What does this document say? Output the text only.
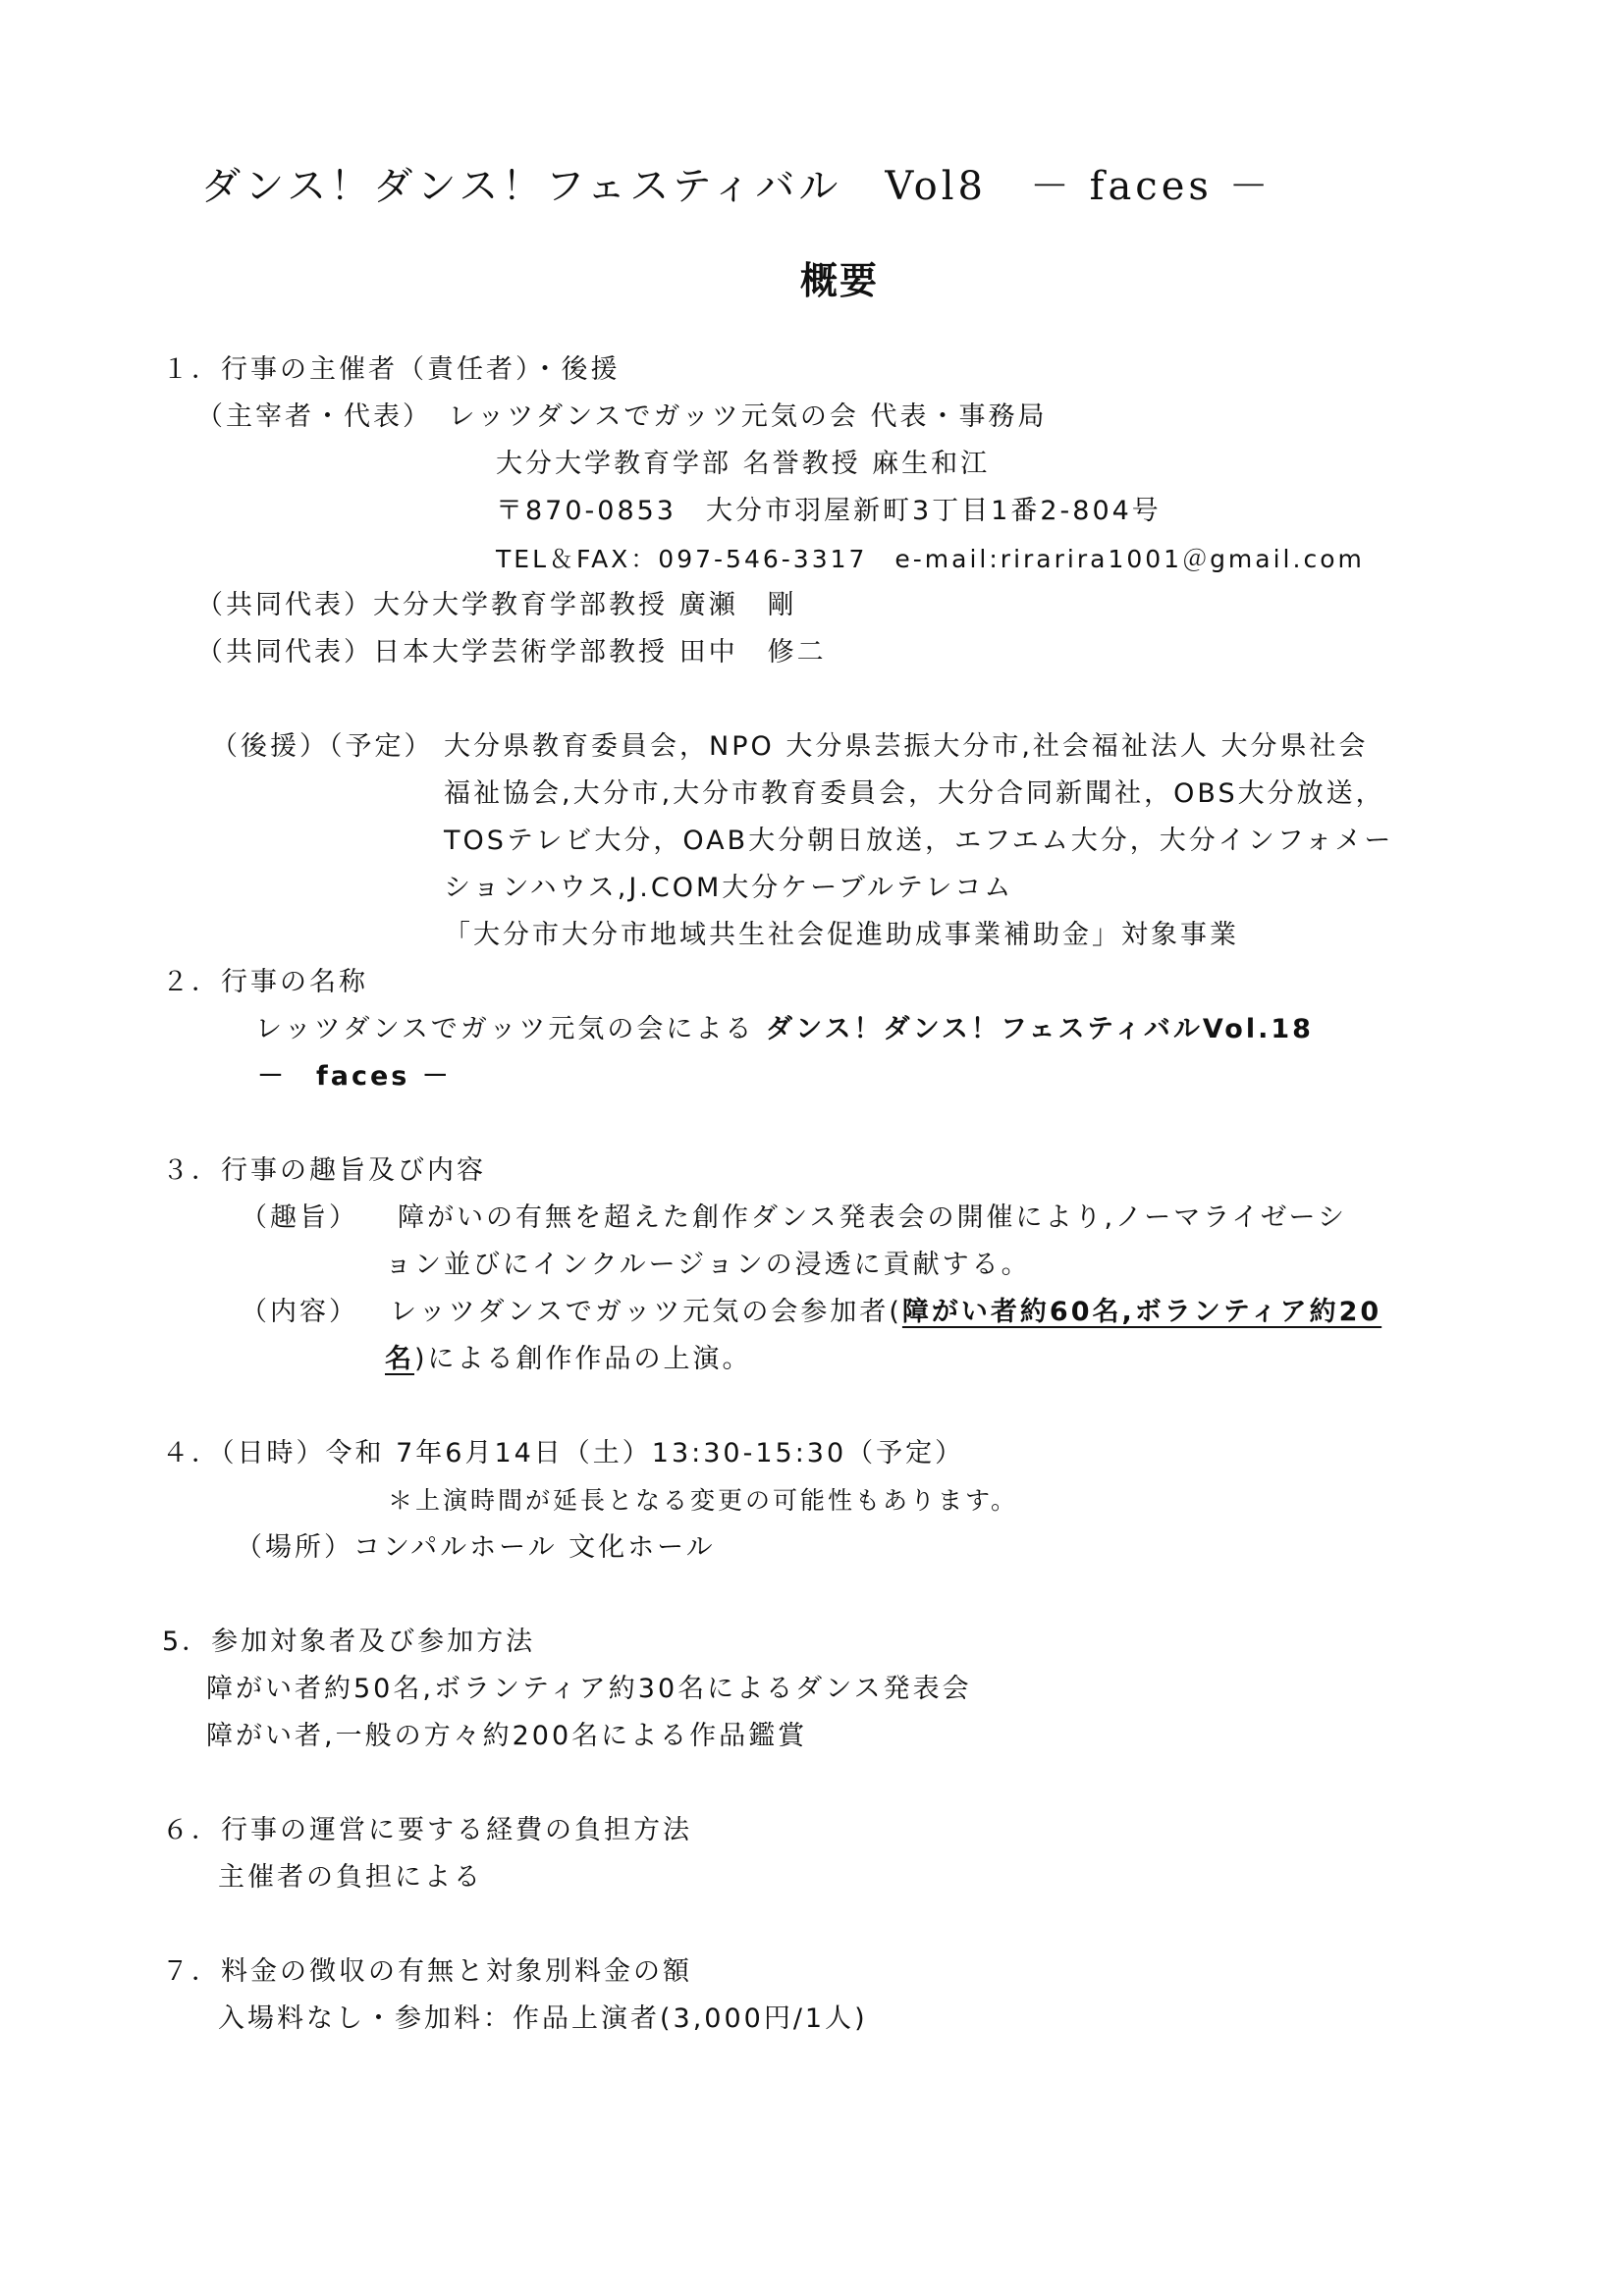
ダンス！ダンス！フェスティバル　Vol8　－ faces －
概要
１．行事の主催者（責任者）・後援
（主宰者・代表）　レッツダンスでガッツ元気の会 代表・事務局
大分大学教育学部 名誉教授 麻生和江
〒870-0853　大分市羽屋新町3丁目1番2-804号
TEL＆FAX：097-546-3317　e-mail:rirarira1001＠gmail.com
（共同代表）大分大学教育学部教授 廣瀬　剛
（共同代表）日本大学芸術学部教授 田中　修二
（後援）（予定） 大分県教育委員会，NPO 大分県芸振大分市,社会福祉法人 大分県社会
福祉協会,大分市,大分市教育委員会，大分合同新聞社，OBS大分放送，
TOSテレビ大分，OAB大分朝日放送，エフエム大分，大分インフォメー
ションハウス,J.COM大分ケーブルテレコム
「大分市大分市地域共生社会促進助成事業補助金」対象事業
２．行事の名称
レッツダンスでガッツ元気の会による ダンス！ダンス！フェスティバルVol.18
－　faces －
３．行事の趣旨及び内容
（趣旨） 障がいの有無を超えた創作ダンス発表会の開催により,ノーマライゼーシ
ョン並びにインクルージョンの浸透に貢献する。
（内容） レッツダンスでガッツ元気の会参加者(障がい者約60名,ボランティア約20
名)による創作作品の上演。
４．（日時）令和 7年6月14日（土）13:30-15:30（予定）
＊上演時間が延長となる変更の可能性もあります。
（場所）コンパルホール 文化ホール
5．参加対象者及び参加方法
障がい者約50名,ボランティア約30名によるダンス発表会
障がい者,一般の方々約200名による作品鑑賞
６．行事の運営に要する経費の負担方法
主催者の負担による
７．料金の徴収の有無と対象別料金の額
入場料なし・参加料：作品上演者(3,000円/1人)
